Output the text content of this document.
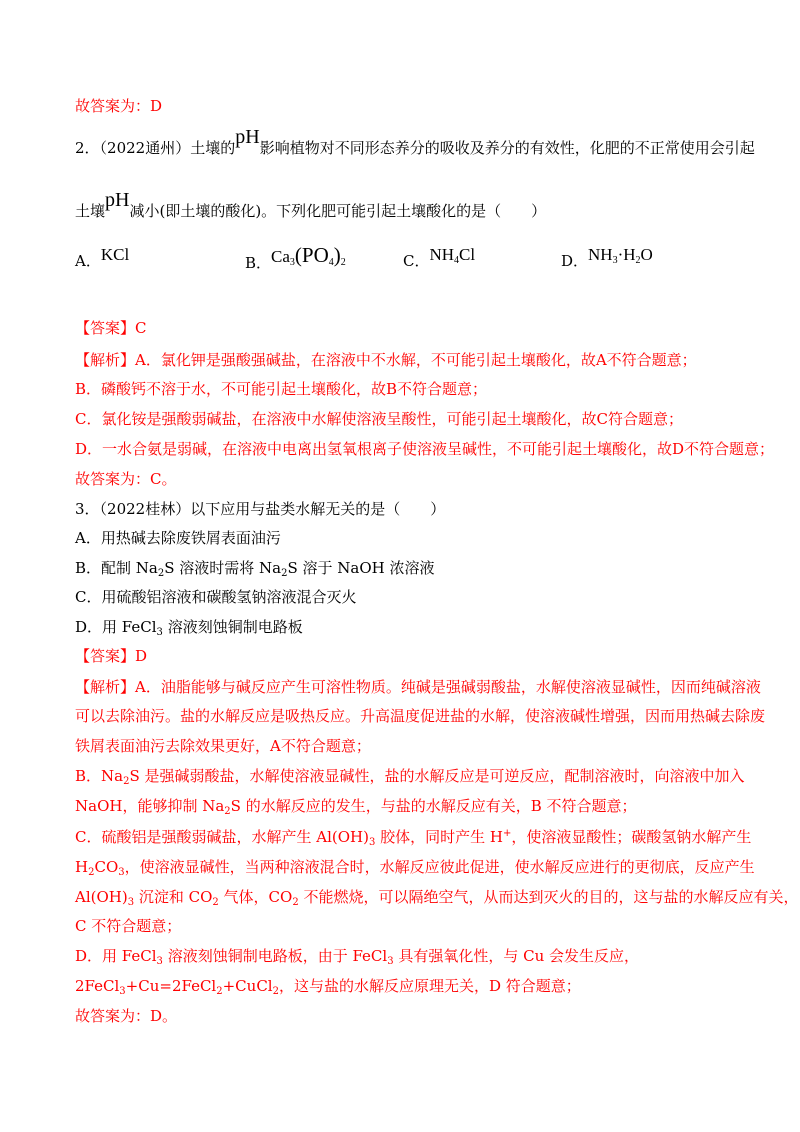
故答案为：D
2．（2022通州）土壤的pH影响植物对不同形态养分的吸收及养分的有效性，化肥的不正常使用会引起
土壤pH减小(即土壤的酸化)。下列化肥可能引起土壤酸化的是（　　）
A．KCl	B．$Ca_3(PO_4)_2$	C．$NH_4Cl$	D．$NH_3\cdot H_2O$
【答案】C
【解析】A．氯化钾是强酸强碱盐，在溶液中不水解，不可能引起土壤酸化，故A不符合题意；
B．磷酸钙不溶于水，不可能引起土壤酸化，故B不符合题意；
C．氯化铵是强酸弱碱盐，在溶液中水解使溶液呈酸性，可能引起土壤酸化，故C符合题意；
D．一水合氨是弱碱，在溶液中电离出氢氧根离子使溶液呈碱性，不可能引起土壤酸化，故D不符合题意；
故答案为：C。
3．（2022桂林）以下应用与盐类水解无关的是（　　）
A．用热碱去除废铁屑表面油污
B．配制 $Na_2S$ 溶液时需将 $Na_2S$ 溶于 NaOH 浓溶液
C．用硫酸铝溶液和碳酸氢钠溶液混合灭火
D．用 FeCl$_3$ 溶液刻蚀铜制电路板
【答案】D
【解析】A．油脂能够与碱反应产生可溶性物质。纯碱是强碱弱酸盐，水解使溶液显碱性，因而纯碱溶液
可以去除油污。盐的水解反应是吸热反应。升高温度促进盐的水解，使溶液碱性增强，因而用热碱去除废
铁屑表面油污去除效果更好，A不符合题意；
B．$Na_2S$ 是强碱弱酸盐，水解使溶液显碱性，盐的水解反应是可逆反应，配制溶液时，向溶液中加入
NaOH，能够抑制 $Na_2S$ 的水解反应的发生，与盐的水解反应有关，B 不符合题意；
C．硫酸铝是强酸弱碱盐，水解产生 $Al(OH)_3$ 胶体，同时产生 H+，使溶液显酸性；碳酸氢钠水解产生
$H_2CO_3$，使溶液显碱性，当两种溶液混合时，水解反应彼此促进，使水解反应进行的更彻底，反应产生
$Al(OH)_3$ 沉淀和 $CO_2$ 气体，$CO_2$ 不能燃烧，可以隔绝空气，从而达到灭火的目的，这与盐的水解反应有关，
C 不符合题意；
D．用 FeCl$_3$ 溶液刻蚀铜制电路板，由于 FeCl$_3$ 具有强氧化性，与 Cu 会发生反应，
2FeCl$_3$+Cu=2FeCl$_2$+CuCl$_2$，这与盐的水解反应原理无关，D 符合题意；
故答案为：D。
